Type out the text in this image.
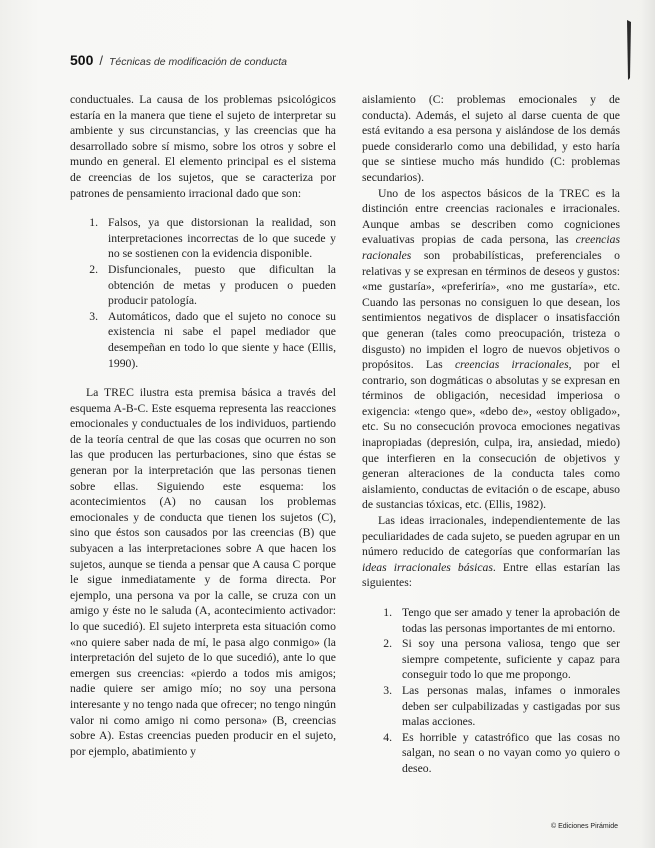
500 / Técnicas de modificación de conducta

conductuales. La causa de los problemas psicológicos estaría en la manera que tiene el sujeto de interpretar su ambiente y sus circunstancias, y las creencias que ha desarrollado sobre sí mismo, sobre los otros y sobre el mundo en general. El elemento principal es el sistema de creencias de los sujetos, que se caracteriza por patrones de pensamiento irracional dado que son:

1. Falsos, ya que distorsionan la realidad, son interpretaciones incorrectas de lo que sucede y no se sostienen con la evidencia disponible.
2. Disfuncionales, puesto que dificultan la obtención de metas y producen o pueden producir patología.
3. Automáticos, dado que el sujeto no conoce su existencia ni sabe el papel mediador que desempeñan en todo lo que siente y hace (Ellis, 1990).

La TREC ilustra esta premisa básica a través del esquema A-B-C. Este esquema representa las reacciones emocionales y conductuales de los individuos, partiendo de la teoría central de que las cosas que ocurren no son las que producen las perturbaciones, sino que éstas se generan por la interpretación que las personas tienen sobre ellas. Siguiendo este esquema: los acontecimientos (A) no causan los problemas emocionales y de conducta que tienen los sujetos (C), sino que éstos son causados por las creencias (B) que subyacen a las interpretaciones sobre A que hacen los sujetos, aunque se tienda a pensar que A causa C porque le sigue inmediatamente y de forma directa. Por ejemplo, una persona va por la calle, se cruza con un amigo y éste no le saluda (A, acontecimiento activador: lo que sucedió). El sujeto interpreta esta situación como «no quiere saber nada de mí, le pasa algo conmigo» (la interpretación del sujeto de lo que sucedió), ante lo que emergen sus creencias: «pierdo a todos mis amigos; nadie quiere ser amigo mío; no soy una persona interesante y no tengo nada que ofrecer; no tengo ningún valor ni como amigo ni como persona» (B, creencias sobre A). Estas creencias pueden producir en el sujeto, por ejemplo, abatimiento y

aislamiento (C: problemas emocionales y de conducta). Además, el sujeto al darse cuenta de que está evitando a esa persona y aislándose de los demás puede considerarlo como una debilidad, y esto haría que se sintiese mucho más hundido (C: problemas secundarios).

Uno de los aspectos básicos de la TREC es la distinción entre creencias racionales e irracionales. Aunque ambas se describen como cogniciones evaluativas propias de cada persona, las creencias racionales son probabilísticas, preferenciales o relativas y se expresan en términos de deseos y gustos: «me gustaría», «preferiría», «no me gustaría», etc. Cuando las personas no consiguen lo que desean, los sentimientos negativos de displacer o insatisfacción que generan (tales como preocupación, tristeza o disgusto) no impiden el logro de nuevos objetivos o propósitos. Las creencias irracionales, por el contrario, son dogmáticas o absolutas y se expresan en términos de obligación, necesidad imperiosa o exigencia: «tengo que», «debo de», «estoy obligado», etc. Su no consecución provoca emociones negativas inapropiadas (depresión, culpa, ira, ansiedad, miedo) que interfieren en la consecución de objetivos y generan alteraciones de la conducta tales como aislamiento, conductas de evitación o de escape, abuso de sustancias tóxicas, etc. (Ellis, 1982).

Las ideas irracionales, independientemente de las peculiaridades de cada sujeto, se pueden agrupar en un número reducido de categorías que conformarían las ideas irracionales básicas. Entre ellas estarían las siguientes:

1. Tengo que ser amado y tener la aprobación de todas las personas importantes de mi entorno.
2. Si soy una persona valiosa, tengo que ser siempre competente, suficiente y capaz para conseguir todo lo que me propongo.
3. Las personas malas, infames o inmorales deben ser culpabilizadas y castigadas por sus malas acciones.
4. Es horrible y catastrófico que las cosas no salgan, no sean o no vayan como yo quiero o deseo.
© Ediciones Pirámide
